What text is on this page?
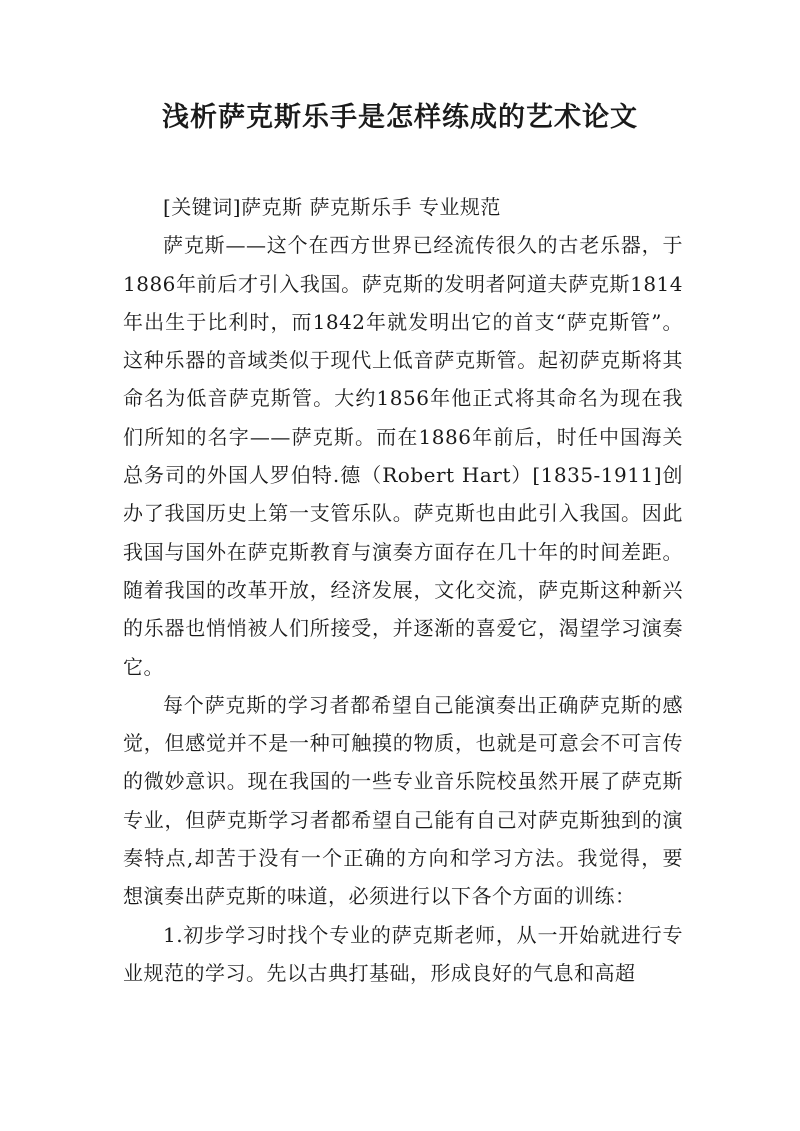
浅析萨克斯乐手是怎样练成的艺术论文

[关键词]萨克斯 萨克斯乐手 专业规范

萨克斯——这个在西方世界已经流传很久的古老乐器，于1886年前后才引入我国。萨克斯的发明者阿道夫萨克斯1814年出生于比利时，而1842年就发明出它的首支“萨克斯管”。这种乐器的音域类似于现代上低音萨克斯管。起初萨克斯将其命名为低音萨克斯管。大约1856年他正式将其命名为现在我们所知的名字——萨克斯。而在1886年前后，时任中国海关总务司的外国人罗伯特.德（Robert Hart）[1835-1911]创办了我国历史上第一支管乐队。萨克斯也由此引入我国。因此我国与国外在萨克斯教育与演奏方面存在几十年的时间差距。随着我国的改革开放，经济发展，文化交流，萨克斯这种新兴的乐器也悄悄被人们所接受，并逐渐的喜爱它，渴望学习演奏它。

每个萨克斯的学习者都希望自己能演奏出正确萨克斯的感觉，但感觉并不是一种可触摸的物质，也就是可意会不可言传的微妙意识。现在我国的一些专业音乐院校虽然开展了萨克斯专业，但萨克斯学习者都希望自己能有自己对萨克斯独到的演奏特点,却苦于没有一个正确的方向和学习方法。我觉得，要想演奏出萨克斯的味道，必须进行以下各个方面的训练：

1.初步学习时找个专业的萨克斯老师，从一开始就进行专业规范的学习。先以古典打基础，形成良好的气息和高超
